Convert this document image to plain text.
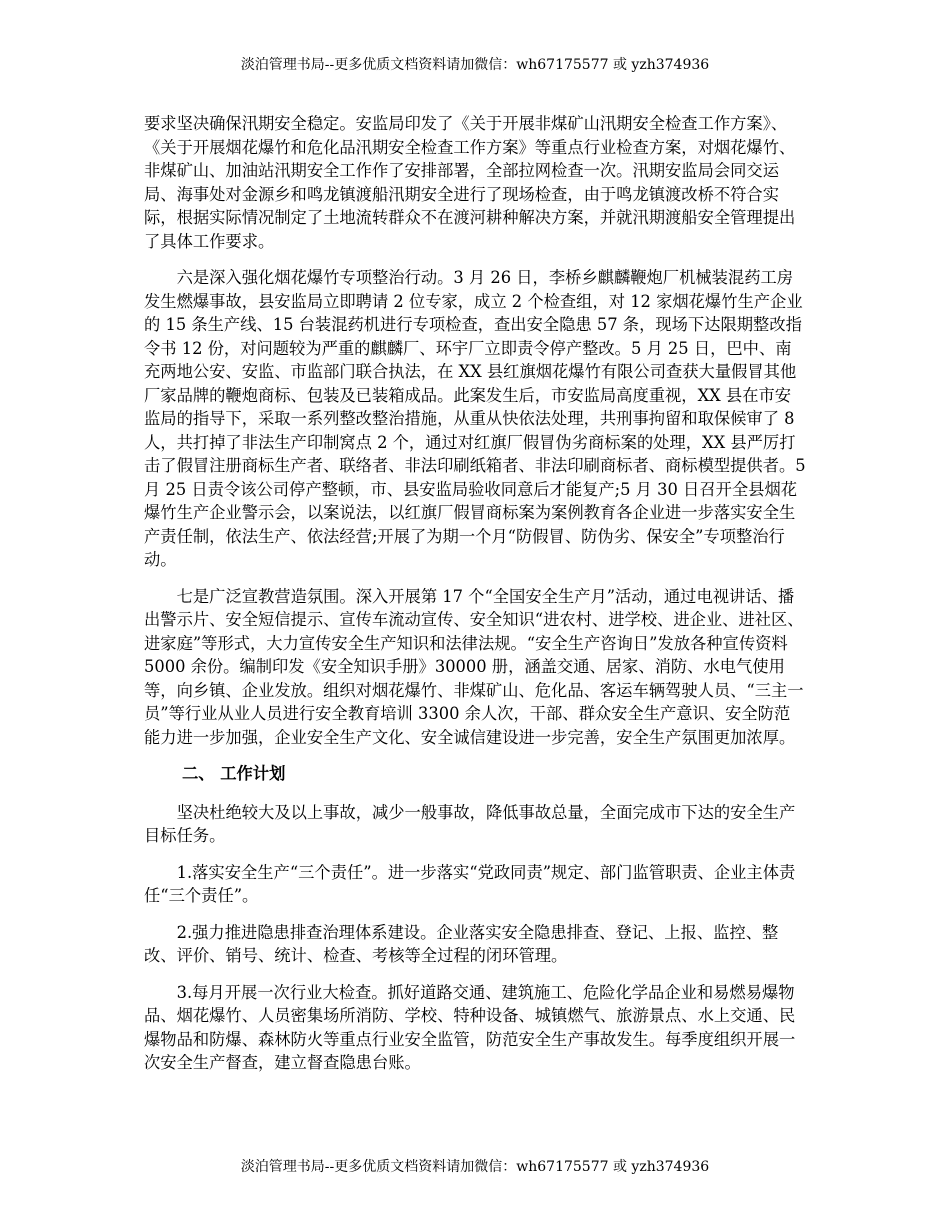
淡泊管理书局--更多优质文档资料请加微信：wh67175577 或 yzh374936

要求坚决确保汛期安全稳定。安监局印发了《关于开展非煤矿山汛期安全检查工作方案》、《关于开展烟花爆竹和危化品汛期安全检查工作方案》等重点行业检查方案，对烟花爆竹、非煤矿山、加油站汛期安全工作作了安排部署，全部拉网检查一次。汛期安监局会同交运局、海事处对金源乡和鸣龙镇渡船汛期安全进行了现场检查，由于鸣龙镇渡改桥不符合实际，根据实际情况制定了土地流转群众不在渡河耕种解决方案，并就汛期渡船安全管理提出了具体工作要求。

六是深入强化烟花爆竹专项整治行动。3 月 26 日，李桥乡麒麟鞭炮厂机械装混药工房发生燃爆事故，县安监局立即聘请 2 位专家，成立 2 个检查组，对 12 家烟花爆竹生产企业的 15 条生产线、15 台装混药机进行专项检查，查出安全隐患 57 条，现场下达限期整改指令书 12 份，对问题较为严重的麒麟厂、环宇厂立即责令停产整改。5 月 25 日，巴中、南充两地公安、安监、市监部门联合执法，在 XX 县红旗烟花爆竹有限公司查获大量假冒其他厂家品牌的鞭炮商标、包装及已装箱成品。此案发生后，市安监局高度重视，XX 县在市安监局的指导下，采取一系列整改整治措施，从重从快依法处理，共刑事拘留和取保候审了 8 人，共打掉了非法生产印制窝点 2 个，通过对红旗厂假冒伪劣商标案的处理，XX 县严厉打击了假冒注册商标生产者、联络者、非法印刷纸箱者、非法印刷商标者、商标模型提供者。5 月 25 日责令该公司停产整顿，市、县安监局验收同意后才能复产;5 月 30 日召开全县烟花爆竹生产企业警示会，以案说法，以红旗厂假冒商标案为案例教育各企业进一步落实安全生产责任制，依法生产、依法经营;开展了为期一个月“防假冒、防伪劣、保安全”专项整治行动。

七是广泛宣教营造氛围。深入开展第 17 个“全国安全生产月”活动，通过电视讲话、播出警示片、安全短信提示、宣传车流动宣传、安全知识“进农村、进学校、进企业、进社区、进家庭”等形式，大力宣传安全生产知识和法律法规。“安全生产咨询日”发放各种宣传资料 5000 余份。编制印发《安全知识手册》30000 册，涵盖交通、居家、消防、水电气使用等，向乡镇、企业发放。组织对烟花爆竹、非煤矿山、危化品、客运车辆驾驶人员、“三主一员”等行业从业人员进行安全教育培训 3300 余人次，干部、群众安全生产意识、安全防范能力进一步加强，企业安全生产文化、安全诚信建设进一步完善，安全生产氛围更加浓厚。

二、 工作计划

坚决杜绝较大及以上事故，减少一般事故，降低事故总量，全面完成市下达的安全生产目标任务。

1.落实安全生产“三个责任”。进一步落实“党政同责”规定、部门监管职责、企业主体责任“三个责任”。

2.强力推进隐患排查治理体系建设。企业落实安全隐患排查、登记、上报、监控、整改、评价、销号、统计、检查、考核等全过程的闭环管理。

3.每月开展一次行业大检查。抓好道路交通、建筑施工、危险化学品企业和易燃易爆物品、烟花爆竹、人员密集场所消防、学校、特种设备、城镇燃气、旅游景点、水上交通、民爆物品和防爆、森林防火等重点行业安全监管，防范安全生产事故发生。每季度组织开展一次安全生产督查，建立督查隐患台账。

淡泊管理书局--更多优质文档资料请加微信：wh67175577 或 yzh374936
